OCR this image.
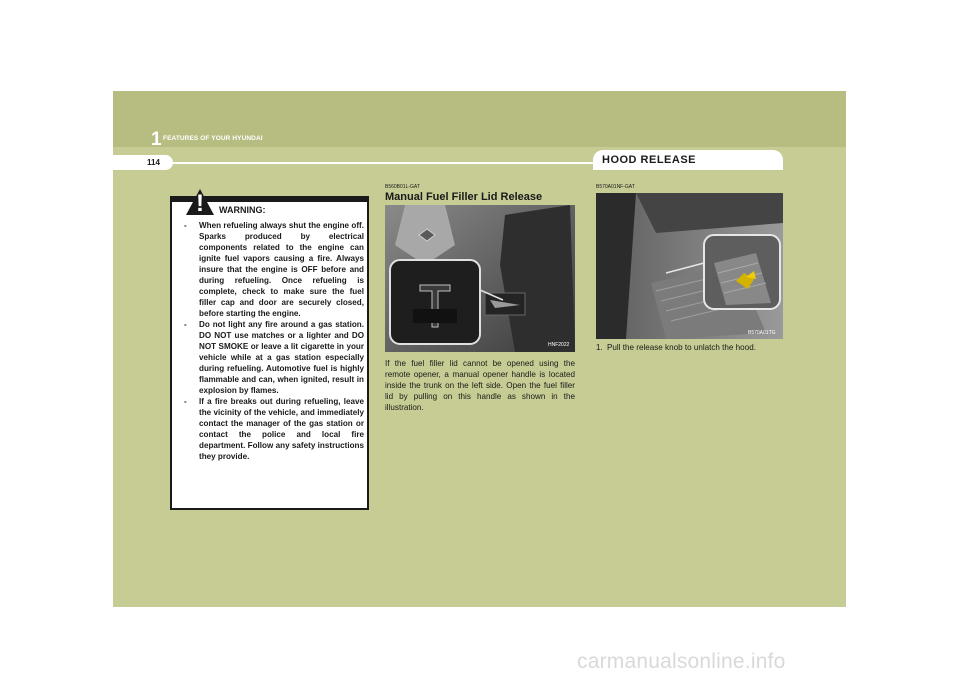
1 FEATURES OF YOUR HYUNDAI
114	HOOD RELEASE
!	WARNING:
- When refueling always shut the engine off. Sparks produced by electrical components related to the engine can ignite fuel vapors causing a fire. Always insure that the engine is OFF before and during refueling. Once refueling is complete, check to make sure the fuel filler cap and door are securely closed, before starting the engine.
- Do not light any fire around a gas station. DO NOT use matches or a lighter and DO NOT SMOKE or leave a lit cigarette in your vehicle while at a gas station especially during refueling. Automotive fuel is highly flammable and can, when ignited, result in explosion by flames.
- If a fire breaks out during refueling, leave the vicinity of the vehicle, and immediately contact the manager of the gas station or contact the police and local fire department. Follow any safety instructions they provide.
B560B01L-GAT
Manual Fuel Filler Lid Release
HNF2022

If the fuel filler lid cannot be opened using the remote opener, a manual opener handle is located inside the trunk on the left side. Open the fuel filler lid by pulling on this handle as shown in the illustration.

B570A01NF-GAT
B570A01TG
1. Pull the release knob to unlatch the hood.
carmanualsonline.info
